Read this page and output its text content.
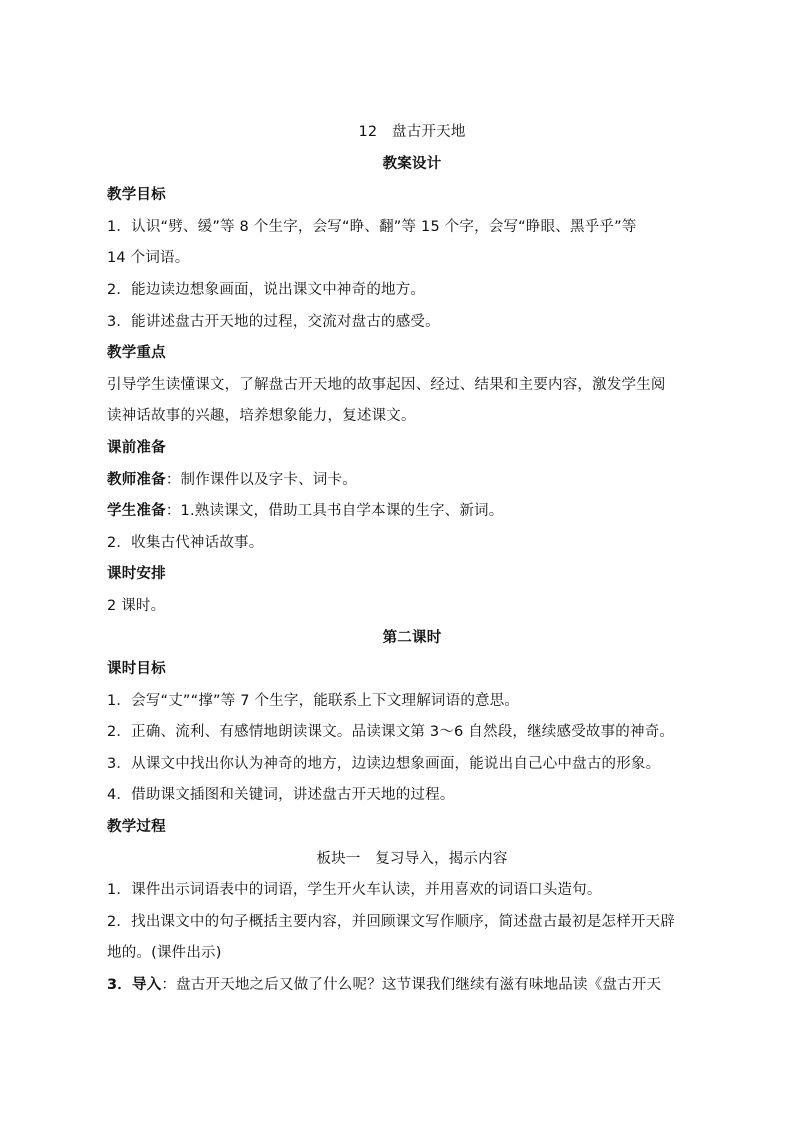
12　盘古开天地
教案设计
教学目标
1．认识“劈、缓”等 8 个生字，会写“睁、翻”等 15 个字，会写“睁眼、黑乎乎”等
14 个词语。
2．能边读边想象画面，说出课文中神奇的地方。
3．能讲述盘古开天地的过程，交流对盘古的感受。
教学重点
引导学生读懂课文，了解盘古开天地的故事起因、经过、结果和主要内容，激发学生阅
读神话故事的兴趣，培养想象能力，复述课文。
课前准备
教师准备：制作课件以及字卡、词卡。
学生准备：1.熟读课文，借助工具书自学本课的生字、新词。
2．收集古代神话故事。
课时安排
2 课时。
第二课时
课时目标
1．会写“丈”“撑”等 7 个生字，能联系上下文理解词语的意思。
2．正确、流利、有感情地朗读课文。品读课文第 3～6 自然段，继续感受故事的神奇。
3．从课文中找出你认为神奇的地方，边读边想象画面，能说出自己心中盘古的形象。
4．借助课文插图和关键词，讲述盘古开天地的过程。
教学过程
板块一　复习导入，揭示内容
1．课件出示词语表中的词语，学生开火车认读，并用喜欢的词语口头造句。
2．找出课文中的句子概括主要内容，并回顾课文写作顺序，简述盘古最初是怎样开天辟
地的。(课件出示)
3．导入：盘古开天地之后又做了什么呢？这节课我们继续有滋有味地品读《盘古开天
